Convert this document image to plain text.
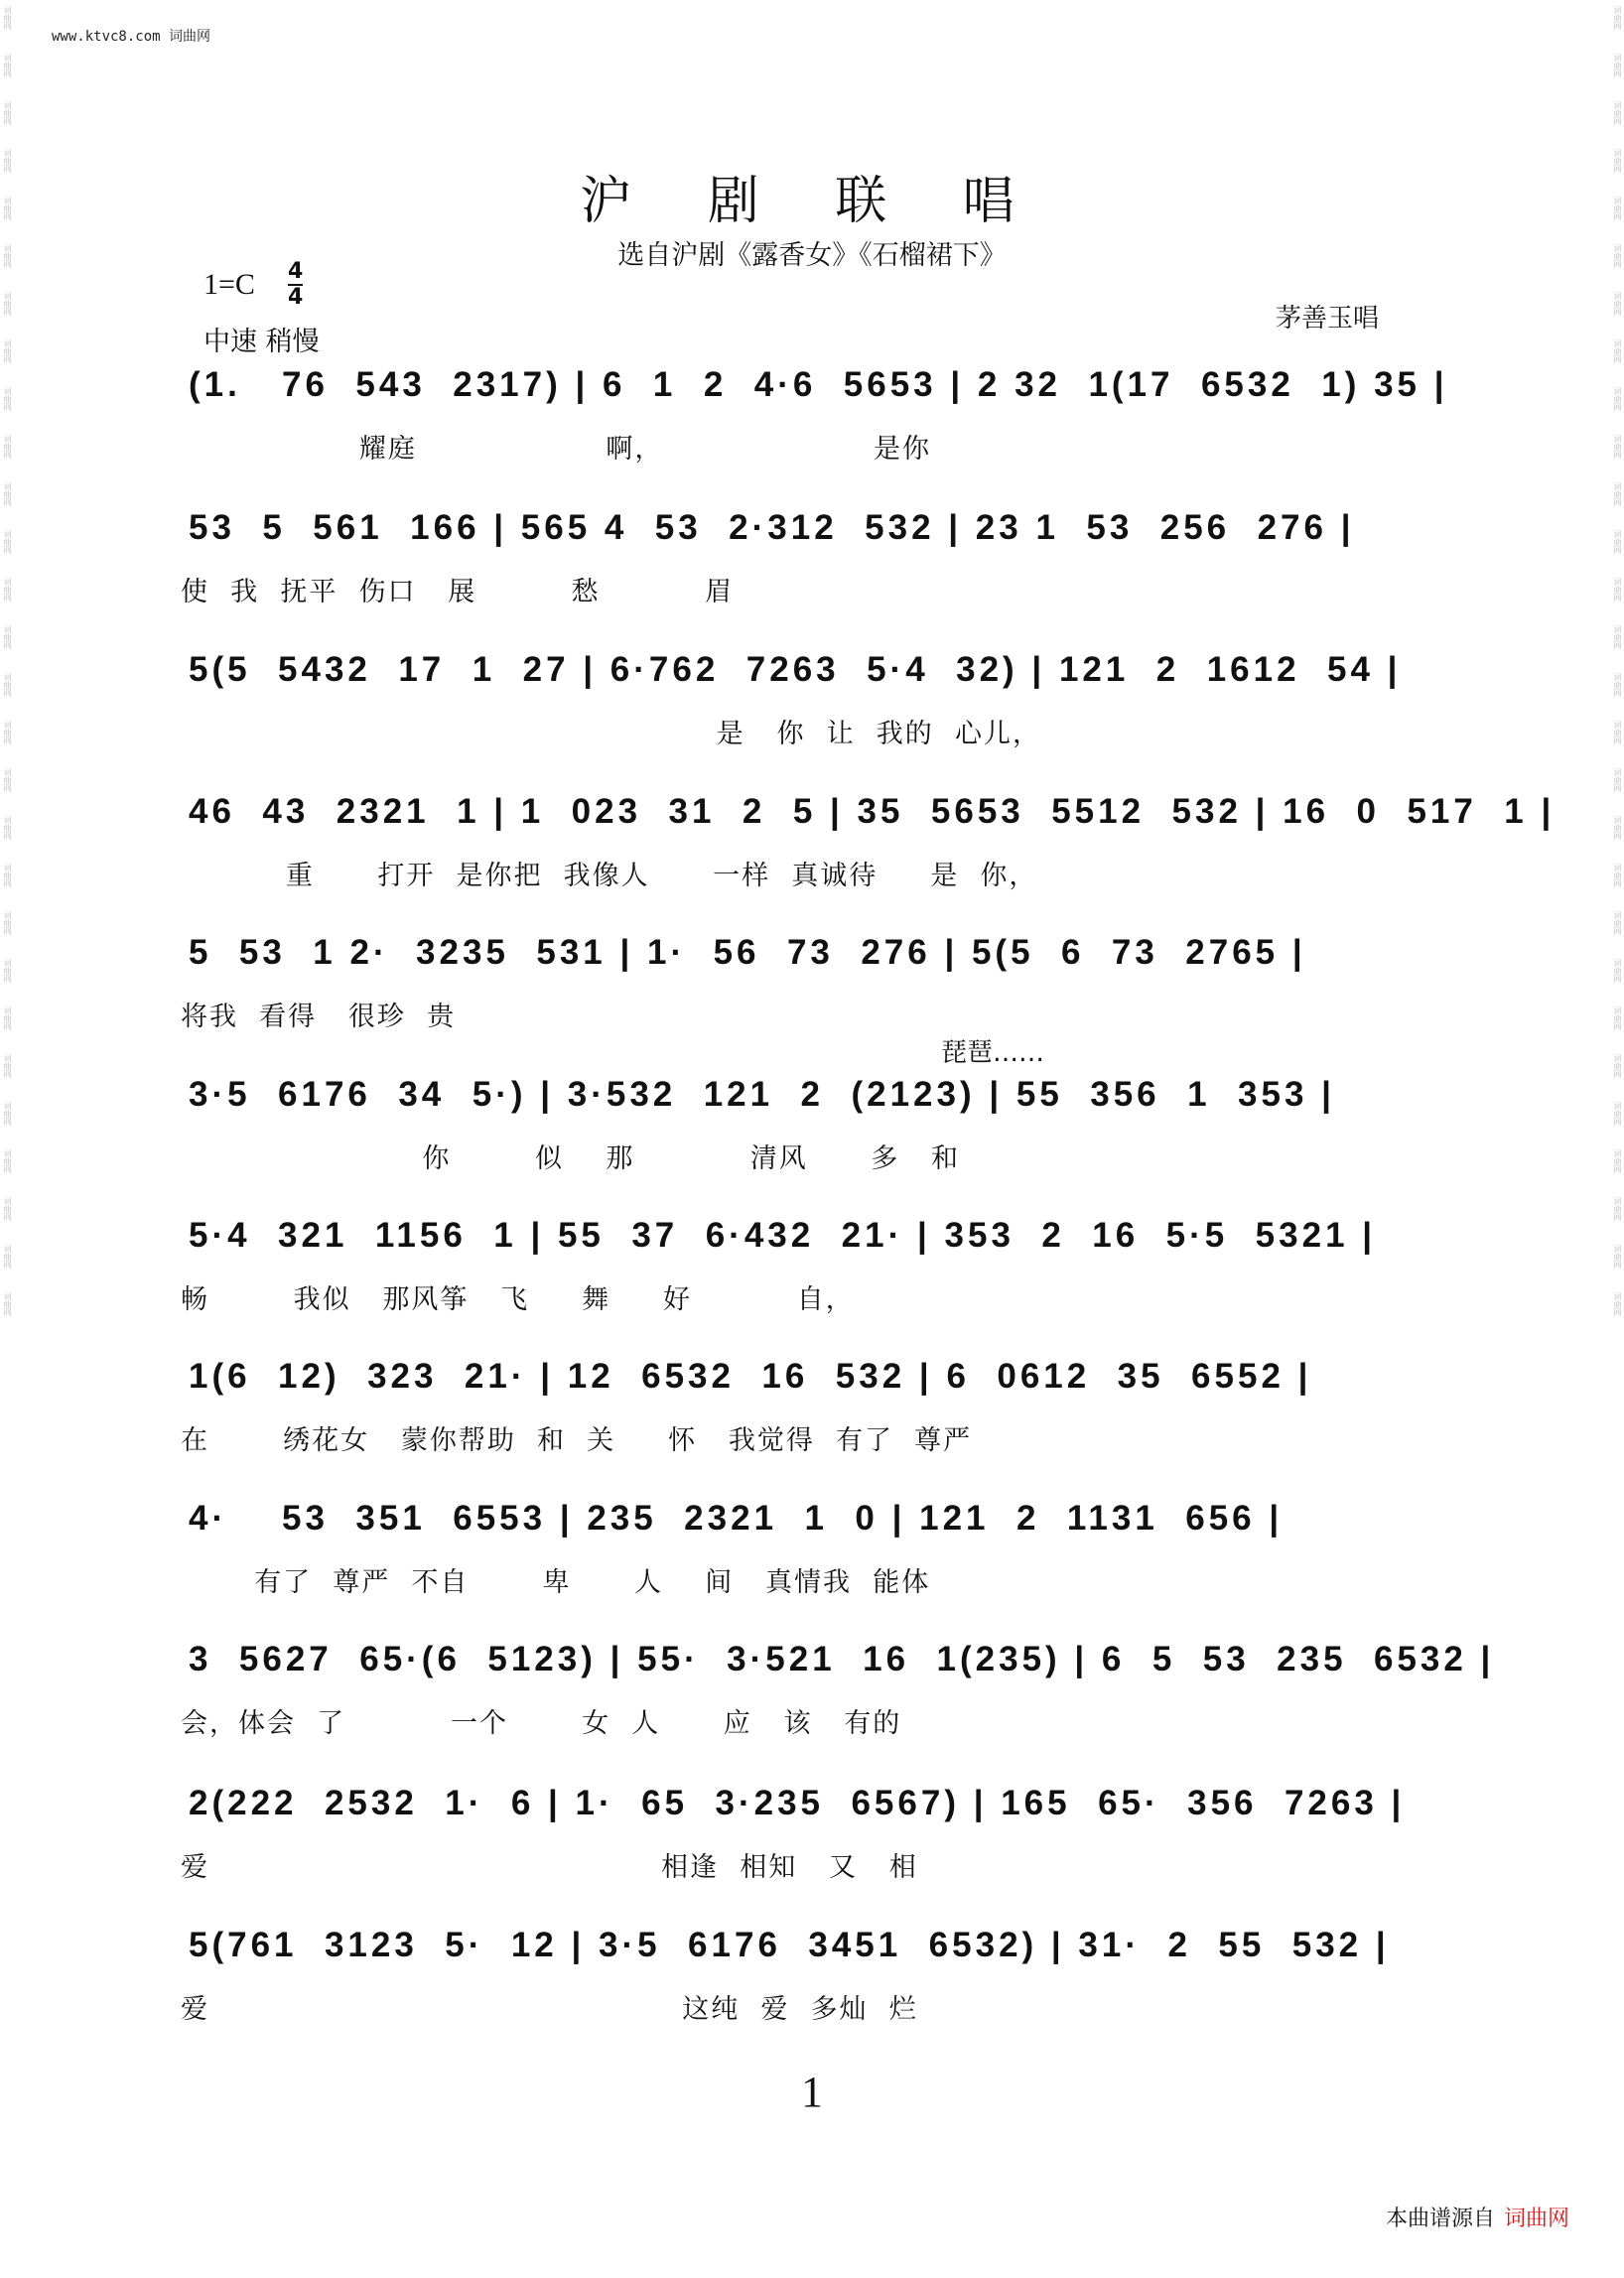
www.ktvc8.com 词曲网
词曲网
词曲网
词曲网
词曲网
词曲网
词曲网
词曲网
词曲网
词曲网
词曲网
词曲网
词曲网
词曲网
词曲网
词曲网
词曲网
词曲网
词曲网
词曲网
词曲网
词曲网
词曲网
词曲网
词曲网
词曲网
词曲网
词曲网
词曲网
词曲网
词曲网
词曲网
词曲网
词曲网
词曲网
词曲网
词曲网
词曲网
词曲网
词曲网
词曲网
词曲网
词曲网
词曲网
词曲网
词曲网
词曲网
词曲网
词曲网
词曲网
词曲网
词曲网
词曲网
词曲网
词曲网
词曲网
词曲网
沪 剧 联 唱
选自沪剧《露香女》《石榴裙下》
1=C 4
4
中速 稍慢
茅善玉唱
(1.   76  543  2317) | 6  1  2  4·6  5653 | 2 32  1(17  6532  1) 35 |
耀庭                  啊，                    是你
53  5  561  166 | 565 4  53  2·312  532 | 23 1  53  256  276 |
使  我  抚平  伤口   展         愁          眉
5(5  5432  17  1  27 | 6·762  7263  5·4  32) | 121  2  1612  54 |
是   你  让  我的  心儿，
46  43  2321  1 | 1  023  31  2  5 | 35  5653  5512  532 | 16  0  517  1 |
重      打开  是你把  我像人      一样  真诚待     是  你，
5  53  1 2·  3235  531 | 1·  56  73  276 | 5(5  6  73  2765 |
将我  看得   很珍  贵
3·5  6176  34  5·) | 3·532  121  2  (2123) | 55  356  1  353 |
你        似    那           清风      多   和
5·4  321  1156  1 | 55  37  6·432  21· | 353  2  16  5·5  5321 |
畅        我似   那风筝   飞     舞     好          自，
1(6  12)  323  21· | 12  6532  16  532 | 6  0612  35  6552 |
在       绣花女   蒙你帮助  和  关     怀   我觉得  有了  尊严
4·    53  351  6553 | 235  2321  1  0 | 121  2  1131  656 |
有了  尊严  不自       卑      人    间   真情我  能体
3  5627  65·(6  5123) | 55·  3·521  16  1(235) | 6  5  53  235  6532 |
会，体会  了          一个       女  人      应   该   有的
2(222  2532  1·  6 | 1·  65  3·235  6567) | 165  65·  356  7263 |
爱                                           相逢  相知   又   相
5(761  3123  5·  12 | 3·5  6176  3451  6532) | 31·  2  55  532 |
爱                                             这纯  爱  多灿  烂
琵琶……
1
本曲谱源自 词曲网
